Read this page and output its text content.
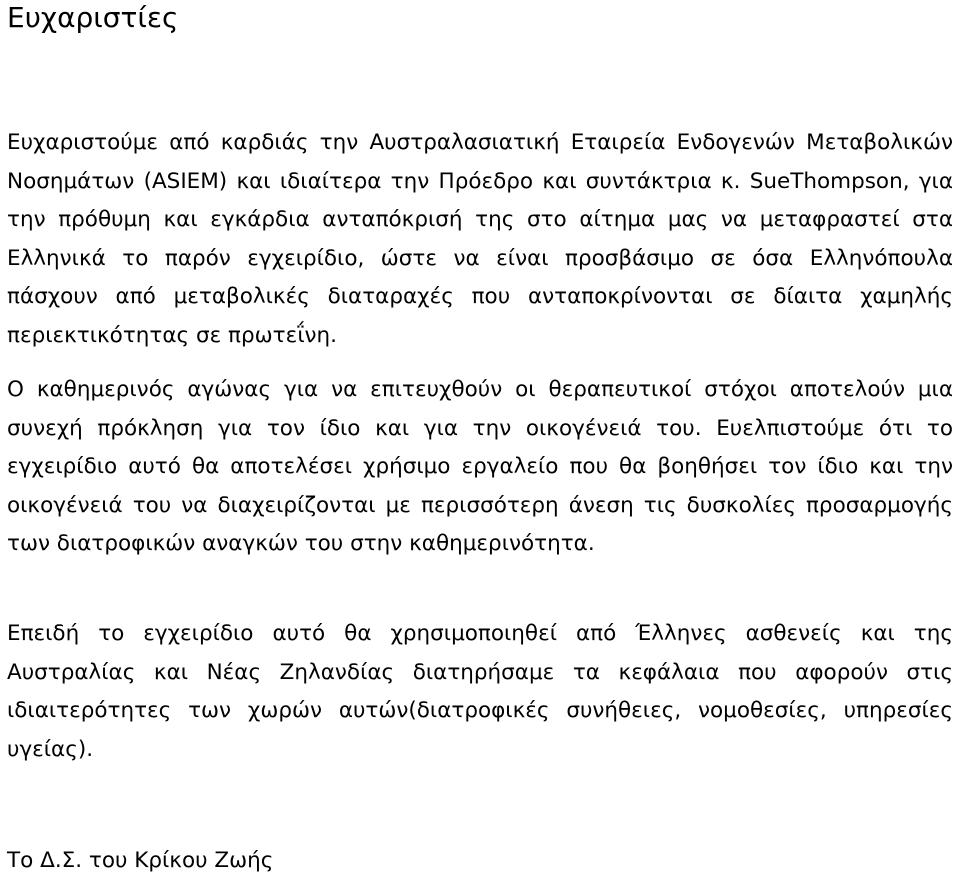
Ευχαριστίες

Ευχαριστούμε από καρδιάς την Αυστραλασιατική Εταιρεία Ενδογενών Μεταβολικών Νοσημάτων (ASIEM) και ιδιαίτερα την Πρόεδρο και συντάκτρια κ. SueThompson, για την πρόθυμη και εγκάρδια ανταπόκρισή της στο αίτημα μας να μεταφραστεί στα Ελληνικά το παρόν εγχειρίδιο, ώστε να είναι προσβάσιμο σε όσα Ελληνόπουλα πάσχουν από μεταβολικές διαταραχές που ανταποκρίνονται σε δίαιτα χαμηλής περιεκτικότητας σε πρωτεΐνη.

Ο καθημερινός αγώνας για να επιτευχθούν οι θεραπευτικοί στόχοι αποτελούν μια συνεχή πρόκληση για τον ίδιο και για την οικογένειά του. Ευελπιστούμε ότι το εγχειρίδιο αυτό θα αποτελέσει χρήσιμο εργαλείο που θα βοηθήσει τον ίδιο και την οικογένειά του να διαχειρίζονται με περισσότερη άνεση τις δυσκολίες προσαρμογής των διατροφικών αναγκών του στην καθημερινότητα.

Επειδή το εγχειρίδιο αυτό θα χρησιμοποιηθεί από Έλληνες ασθενείς και της Αυστραλίας και Νέας Ζηλανδίας διατηρήσαμε τα κεφάλαια που αφορούν στις ιδιαιτερότητες των χωρών αυτών(διατροφικές συνήθειες, νομοθεσίες, υπηρεσίες υγείας).

Το Δ.Σ. του Κρίκου Ζωής
